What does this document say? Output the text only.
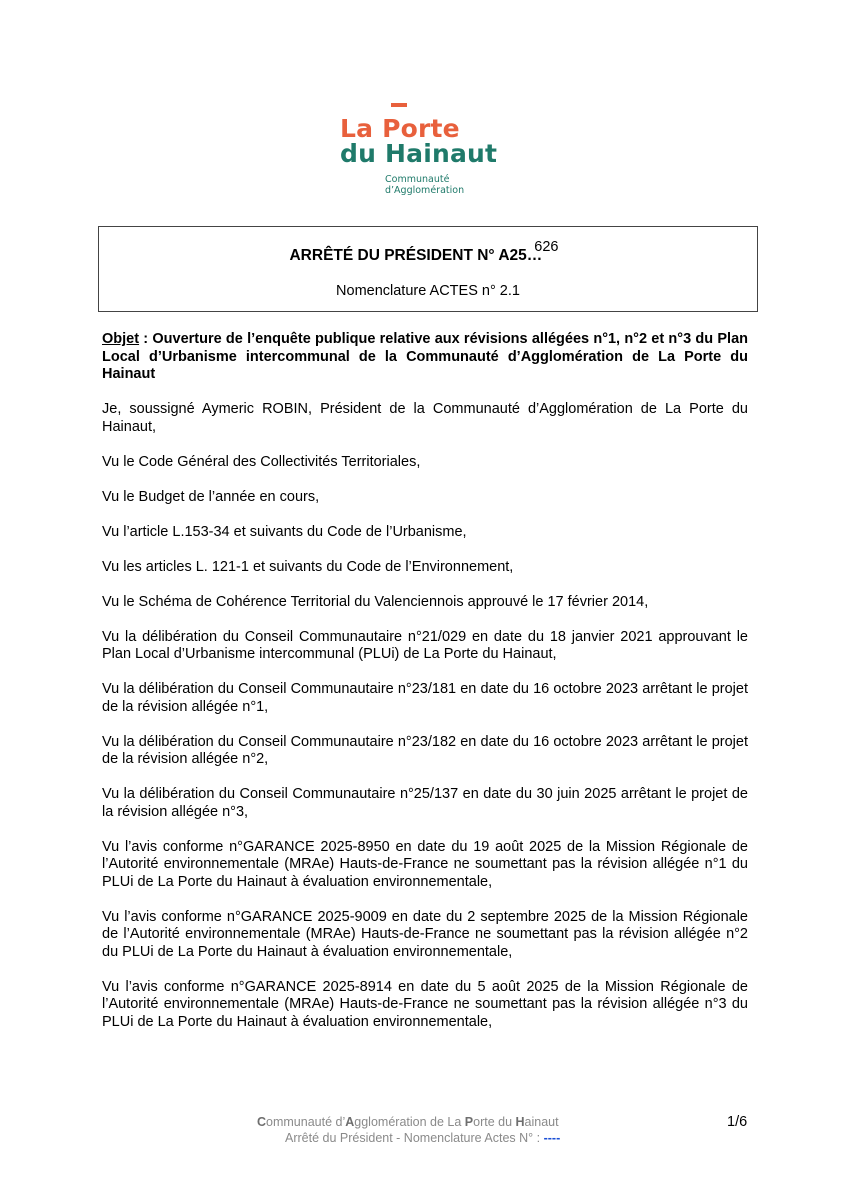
La Porte
du Hainaut
Communauté
d’Agglomération
ARRÊTÉ DU PRÉSIDENT N° A25…626
Nomenclature ACTES n° 2.1

Objet : Ouverture de l’enquête publique relative aux révisions allégées n°1, n°2 et n°3 du Plan Local d’Urbanisme intercommunal de la Communauté d’Agglomération de La Porte du Hainaut

Je, soussigné Aymeric ROBIN, Président de la Communauté d’Agglomération de La Porte du Hainaut,

Vu le Code Général des Collectivités Territoriales,

Vu le Budget de l’année en cours,

Vu l’article L.153-34 et suivants du Code de l’Urbanisme,

Vu les articles L. 121-1 et suivants du Code de l’Environnement,

Vu le Schéma de Cohérence Territorial du Valenciennois approuvé le 17 février 2014,

Vu la délibération du Conseil Communautaire n°21/029 en date du 18 janvier 2021 approuvant le Plan Local d’Urbanisme intercommunal (PLUi) de La Porte du Hainaut,

Vu la délibération du Conseil Communautaire n°23/181 en date du 16 octobre 2023 arrêtant le projet de la révision allégée n°1,

Vu la délibération du Conseil Communautaire n°23/182 en date du 16 octobre 2023 arrêtant le projet de la révision allégée n°2,

Vu la délibération du Conseil Communautaire n°25/137 en date du 30 juin 2025 arrêtant le projet de la révision allégée n°3,

Vu l’avis conforme n°GARANCE 2025-8950 en date du 19 août 2025 de la Mission Régionale de l’Autorité environnementale (MRAe) Hauts-de-France ne soumettant pas la révision allégée n°1 du PLUi de La Porte du Hainaut à évaluation environnementale,

Vu l’avis conforme n°GARANCE 2025-9009 en date du 2 septembre 2025 de la Mission Régionale de l’Autorité environnementale (MRAe) Hauts-de-France ne soumettant pas la révision allégée n°2 du PLUi de La Porte du Hainaut à évaluation environnementale,

Vu l’avis conforme n°GARANCE 2025-8914 en date du 5 août 2025 de la Mission Régionale de l’Autorité environnementale (MRAe) Hauts-de-France ne soumettant pas la révision allégée n°3 du PLUi de La Porte du Hainaut à évaluation environnementale,

Communauté d’Agglomération de La Porte du Hainaut
Arrêté du Président - Nomenclature Actes N° : ----
1/6
